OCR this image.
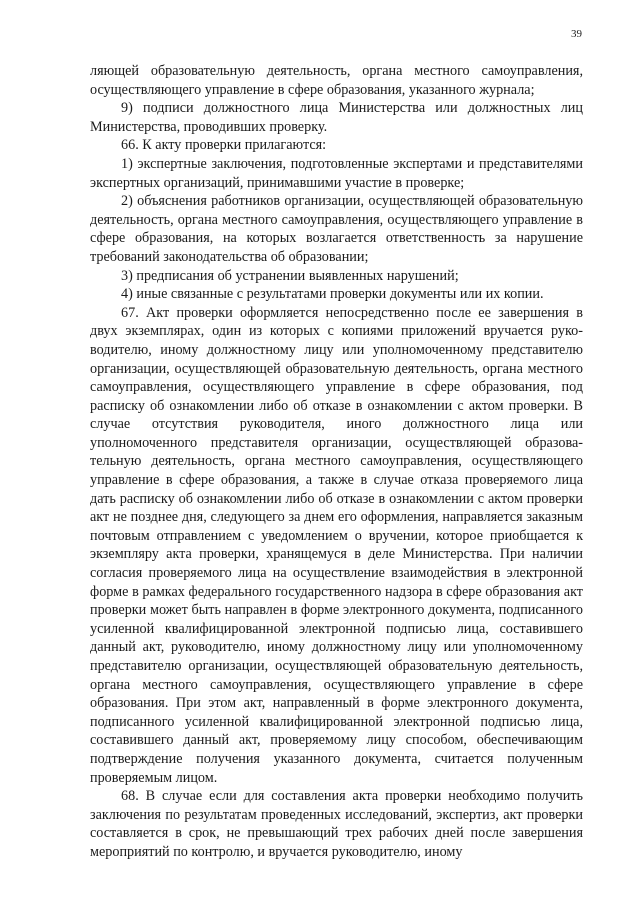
39

ляющей образовательную деятельность, органа местного самоуправления, осуществляющего управление в сфере образования, указанного журнала;

9) подписи должностного лица Министерства или должностных лиц Министерства, проводивших проверку.

66. К акту проверки прилагаются:

1) экспертные заключения, подготовленные экспертами и представителями экспертных организаций, принимавшими участие в проверке;

2) объяснения работников организации, осуществляющей образовательную деятельность, органа местного самоуправления, осуществляющего управление в сфере образования, на которых возлагается ответственность за нарушение требований законодательства об образовании;

3) предписания об устранении выявленных нарушений;

4) иные связанные с результатами проверки документы или их копии.

67. Акт проверки оформляется непосредственно после ее завершения в двух экземплярах, один из которых с копиями приложений вручается руководителю, иному должностному лицу или уполномоченному представителю организации, осуществляющей образовательную деятельность, органа местного самоуправления, осуществляющего управление в сфере образования, под расписку об ознакомлении либо об отказе в ознакомлении с актом проверки. В случае отсутствия руководителя, иного должностного лица или уполномоченного представителя организации, осуществляющей образовательную деятельность, органа местного самоуправления, осуществляющего управление в сфере образования, а также в случае отказа проверяемого лица дать расписку об ознакомлении либо об отказе в ознакомлении с актом проверки акт не позднее дня, следующего за днем его оформления, направляется заказным почтовым отправлением с уведомлением о вручении, которое приобщается к экземпляру акта проверки, хранящемуся в деле Министерства. При наличии согласия проверяемого лица на осуществление взаимодействия в электронной форме в рамках федерального государственного надзора в сфере образования акт проверки может быть направлен в форме электронного документа, подписанного усиленной квалифицированной электронной подписью лица, составившего данный акт, руководителю, иному должностному лицу или уполномоченному представителю организации, осуществляющей образовательную деятельность, органа местного самоуправления, осуществляющего управление в сфере образования. При этом акт, направленный в форме электронного документа, подписанного усиленной квалифицированной электронной подписью лица, составившего данный акт, проверяемому лицу способом, обеспечивающим подтверждение получения указанного документа, считается полученным проверяемым лицом.

68. В случае если для составления акта проверки необходимо получить заключения по результатам проведенных исследований, экспертиз, акт проверки составляется в срок, не превышающий трех рабочих дней после завершения мероприятий по контролю, и вручается руководителю, иному
